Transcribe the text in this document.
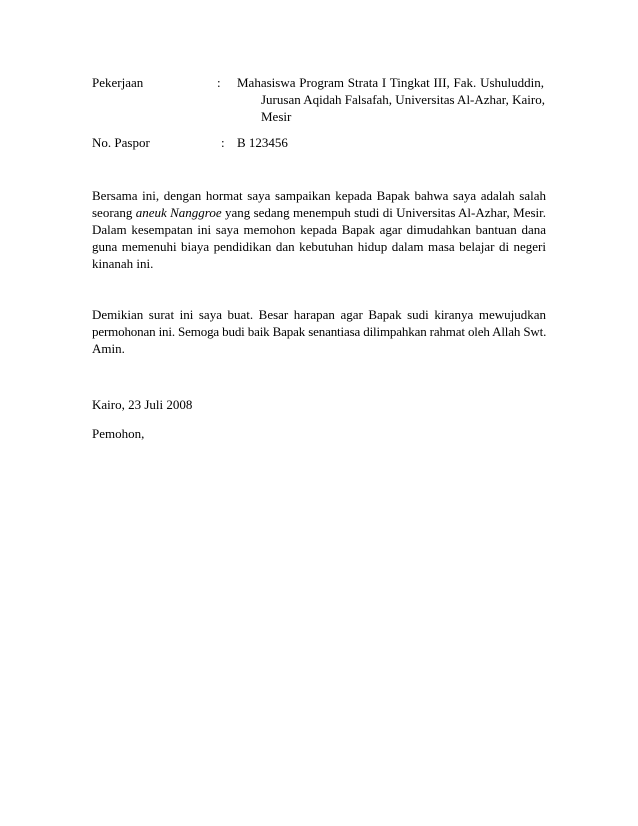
Pekerjaan	: Mahasiswa Program Strata I Tingkat III, Fak. Ushuluddin,
Jurusan Aqidah Falsafah, Universitas Al-Azhar, Kairo,
Mesir
No. Paspor	: B 123456
Bersama ini, dengan hormat saya sampaikan kepada Bapak bahwa saya adalah salah
seorang aneuk Nanggroe yang sedang menempuh studi di Universitas Al-Azhar, Mesir.
Dalam kesempatan ini saya memohon kepada Bapak agar dimudahkan bantuan dana
guna memenuhi biaya pendidikan dan kebutuhan hidup dalam masa belajar di negeri
kinanah ini.
Demikian surat ini saya buat. Besar harapan agar Bapak sudi kiranya mewujudkan
permohonan ini. Semoga budi baik Bapak senantiasa dilimpahkan rahmat oleh Allah Swt.
Amin.

Kairo, 23 Juli 2008

Pemohon,
